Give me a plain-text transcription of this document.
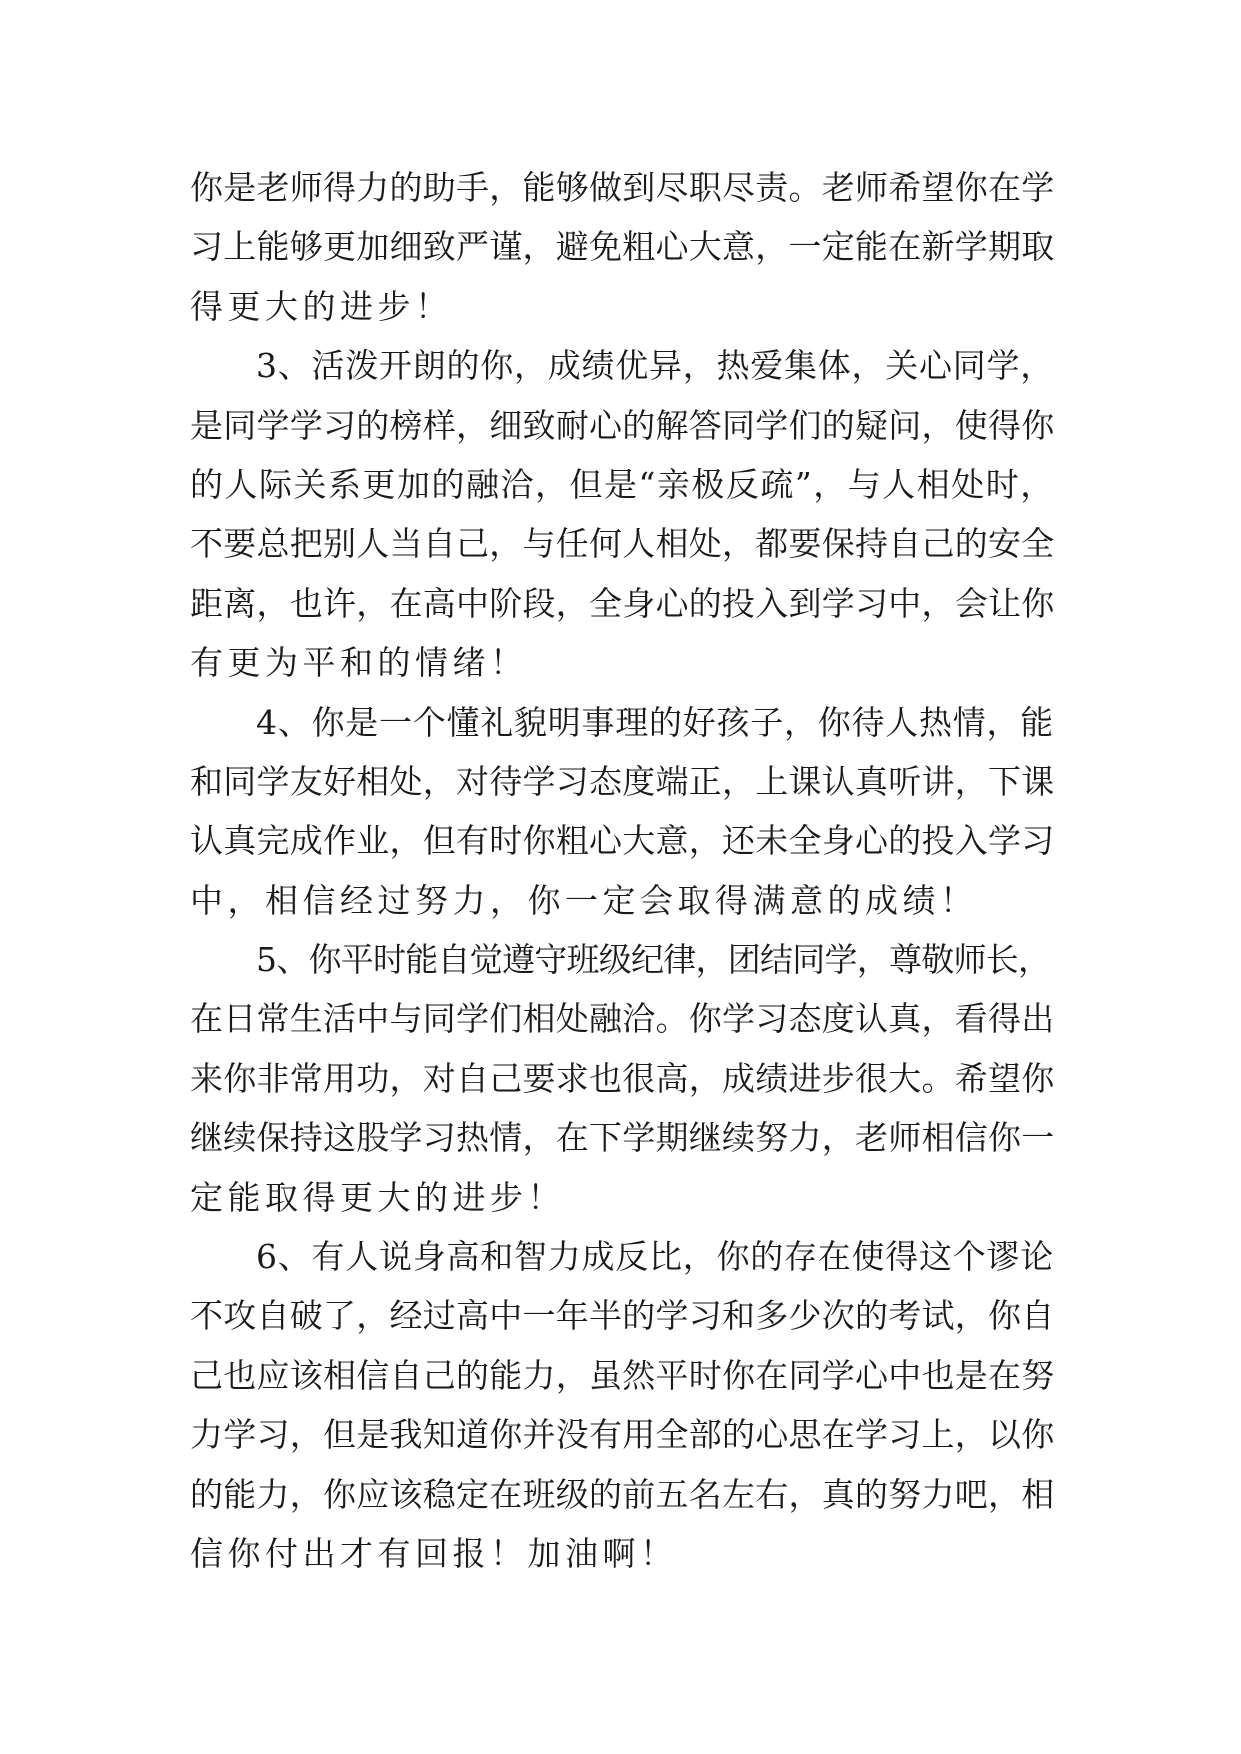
你是老师得力的助手，能够做到尽职尽责。老师希望你在学
习上能够更加细致严谨，避免粗心大意，一定能在新学期取
得更大的进步！
3、活泼开朗的你，成绩优异，热爱集体，关心同学，
是同学学习的榜样，细致耐心的解答同学们的疑问，使得你
的人际关系更加的融洽，但是“亲极反疏”，与人相处时，
不要总把别人当自己，与任何人相处，都要保持自己的安全
距离，也许，在高中阶段，全身心的投入到学习中，会让你
有更为平和的情绪！
4、你是一个懂礼貌明事理的好孩子，你待人热情，能
和同学友好相处，对待学习态度端正，上课认真听讲，下课
认真完成作业，但有时你粗心大意，还未全身心的投入学习
中，相信经过努力，你一定会取得满意的成绩！
5、你平时能自觉遵守班级纪律，团结同学，尊敬师长，
在日常生活中与同学们相处融洽。你学习态度认真，看得出
来你非常用功，对自己要求也很高，成绩进步很大。希望你
继续保持这股学习热情，在下学期继续努力，老师相信你一
定能取得更大的进步！
6、有人说身高和智力成反比，你的存在使得这个谬论
不攻自破了，经过高中一年半的学习和多少次的考试，你自
己也应该相信自己的能力，虽然平时你在同学心中也是在努
力学习，但是我知道你并没有用全部的心思在学习上，以你
的能力，你应该稳定在班级的前五名左右，真的努力吧，相
信你付出才有回报！加油啊！
